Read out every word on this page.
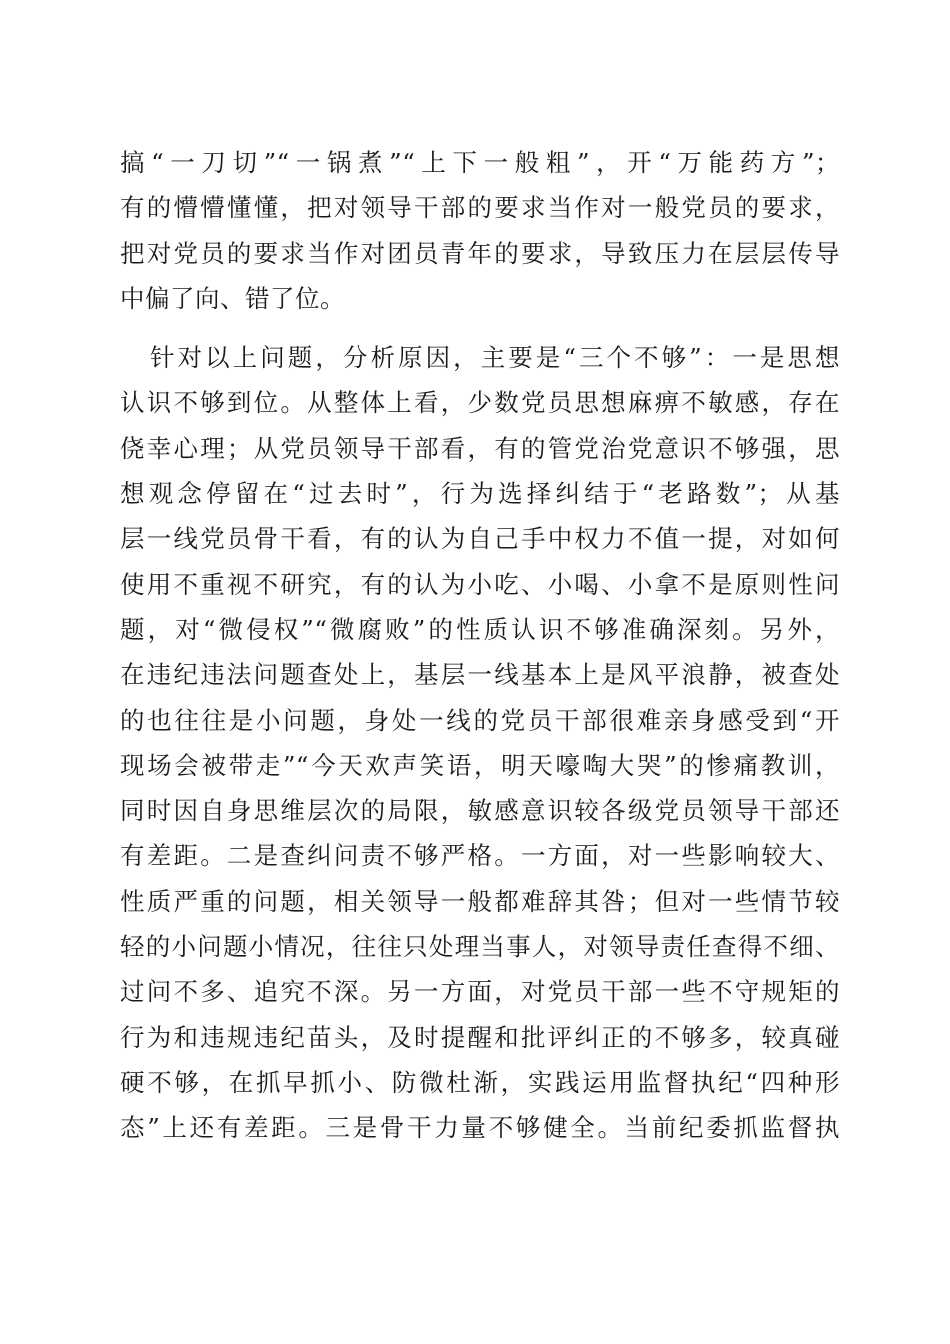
搞“一刀切”“一锅煮”“上下一般粗”，开“万能药方”；
有的懵懵懂懂，把对领导干部的要求当作对一般党员的要求，
把对党员的要求当作对团员青年的要求，导致压力在层层传导
中偏了向、错了位。
针对以上问题，分析原因，主要是“三个不够”：一是思想
认识不够到位。从整体上看，少数党员思想麻痹不敏感，存在
侥幸心理；从党员领导干部看，有的管党治党意识不够强，思
想观念停留在“过去时”，行为选择纠结于“老路数”；从基
层一线党员骨干看，有的认为自己手中权力不值一提，对如何
使用不重视不研究，有的认为小吃、小喝、小拿不是原则性问
题，对“微侵权”“微腐败”的性质认识不够准确深刻。另外，
在违纪违法问题查处上，基层一线基本上是风平浪静，被查处
的也往往是小问题，身处一线的党员干部很难亲身感受到“开
现场会被带走”“今天欢声笑语，明天嚎啕大哭”的惨痛教训，
同时因自身思维层次的局限，敏感意识较各级党员领导干部还
有差距。二是查纠问责不够严格。一方面，对一些影响较大、
性质严重的问题，相关领导一般都难辞其咎；但对一些情节较
轻的小问题小情况，往往只处理当事人，对领导责任查得不细、
过问不多、追究不深。另一方面，对党员干部一些不守规矩的
行为和违规违纪苗头，及时提醒和批评纠正的不够多，较真碰
硬不够，在抓早抓小、防微杜渐，实践运用监督执纪“四种形
态”上还有差距。三是骨干力量不够健全。当前纪委抓监督执
